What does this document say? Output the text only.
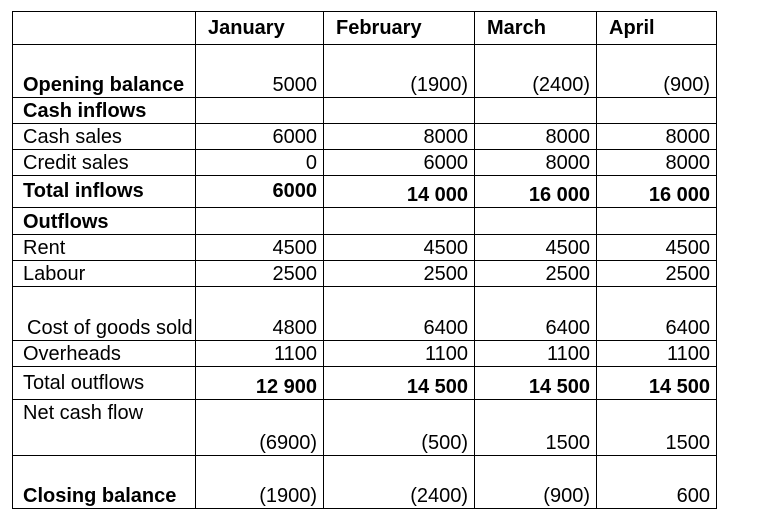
	January	February	March	April
Opening balance	5000	(1900)	(2400)	(900)
Cash inflows				
Cash sales	6000	8000	8000	8000
Credit sales	0	6000	8000	8000
Total inflows	6000	14 000	16 000	16 000
Outflows				
Rent	4500	4500	4500	4500
Labour	2500	2500	2500	2500
Cost of goods sold	4800	6400	6400	6400
Overheads	1100	1100	1100	1100
Total outflows	12 900	14 500	14 500	14 500
Net cash flow	(6900)	(500)	1500	1500
Closing balance	(1900)	(2400)	(900)	600
